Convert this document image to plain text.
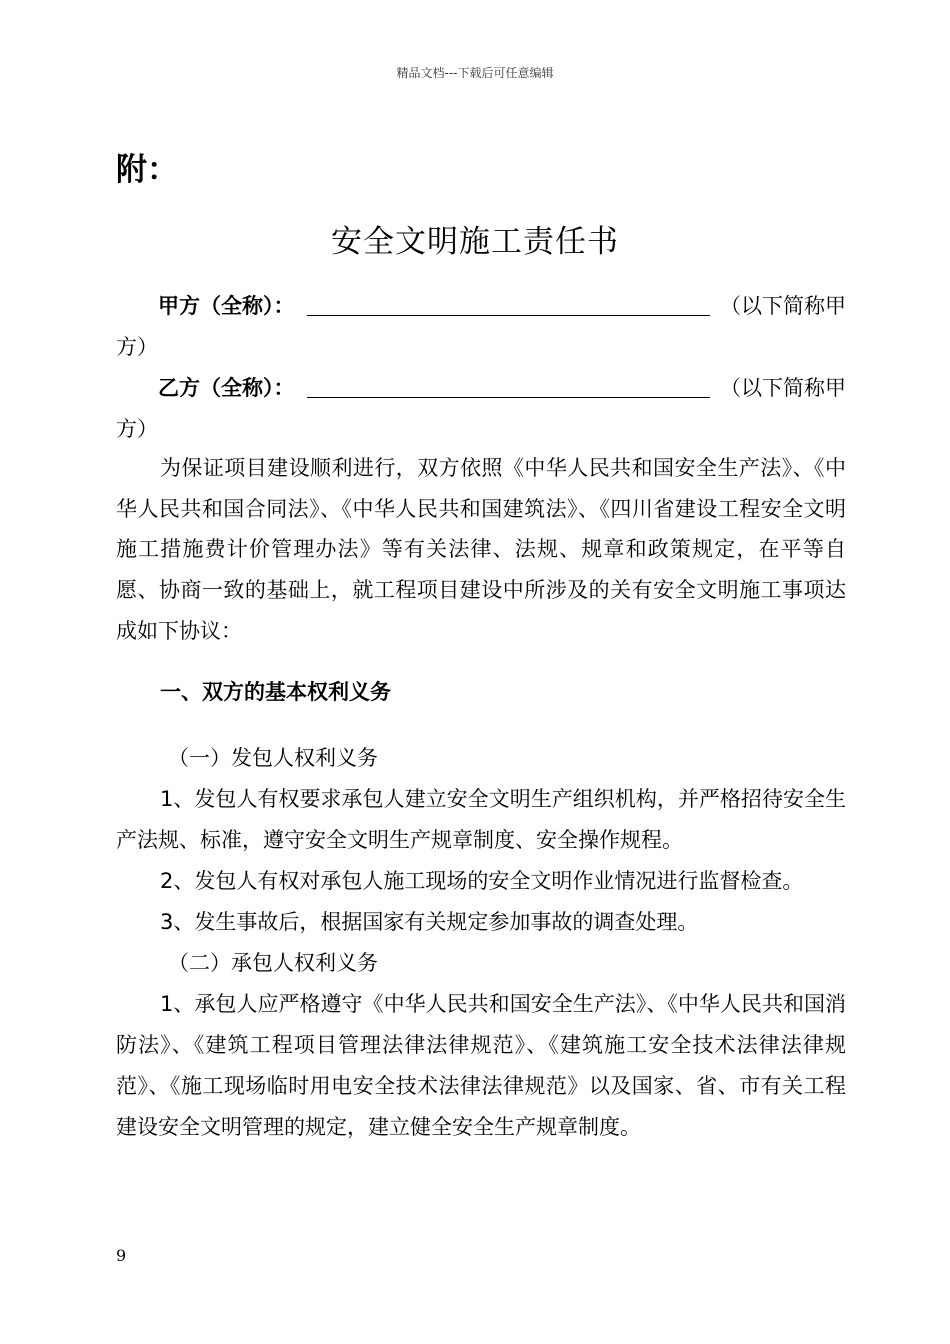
精品文档---下载后可任意编辑
附：
安全文明施工责任书
甲方（全称）：	（以下简称甲
方）
乙方（全称）：	（以下简称甲
方）
为保证项目建设顺利进行，双方依照《中华人民共和国安全生产法》、《中华人民共和国合同法》、《中华人民共和国建筑法》、《四川省建设工程安全文明施工措施费计价管理办法》等有关法律、法规、规章和政策规定，在平等自愿、协商一致的基础上，就工程项目建设中所涉及的关有安全文明施工事项达成如下协议：
一、双方的基本权利义务

（一）发包人权利义务

1、发包人有权要求承包人建立安全文明生产组织机构，并严格招待安全生产法规、标准，遵守安全文明生产规章制度、安全操作规程。

2、发包人有权对承包人施工现场的安全文明作业情况进行监督检查。

3、发生事故后，根据国家有关规定参加事故的调查处理。

（二）承包人权利义务

1、承包人应严格遵守《中华人民共和国安全生产法》、《中华人民共和国消防法》、《建筑工程项目管理法律法律规范》、《建筑施工安全技术法律法律规范》、《施工现场临时用电安全技术法律法律规范》以及国家、省、市有关工程建设安全文明管理的规定，建立健全安全生产规章制度。

9
